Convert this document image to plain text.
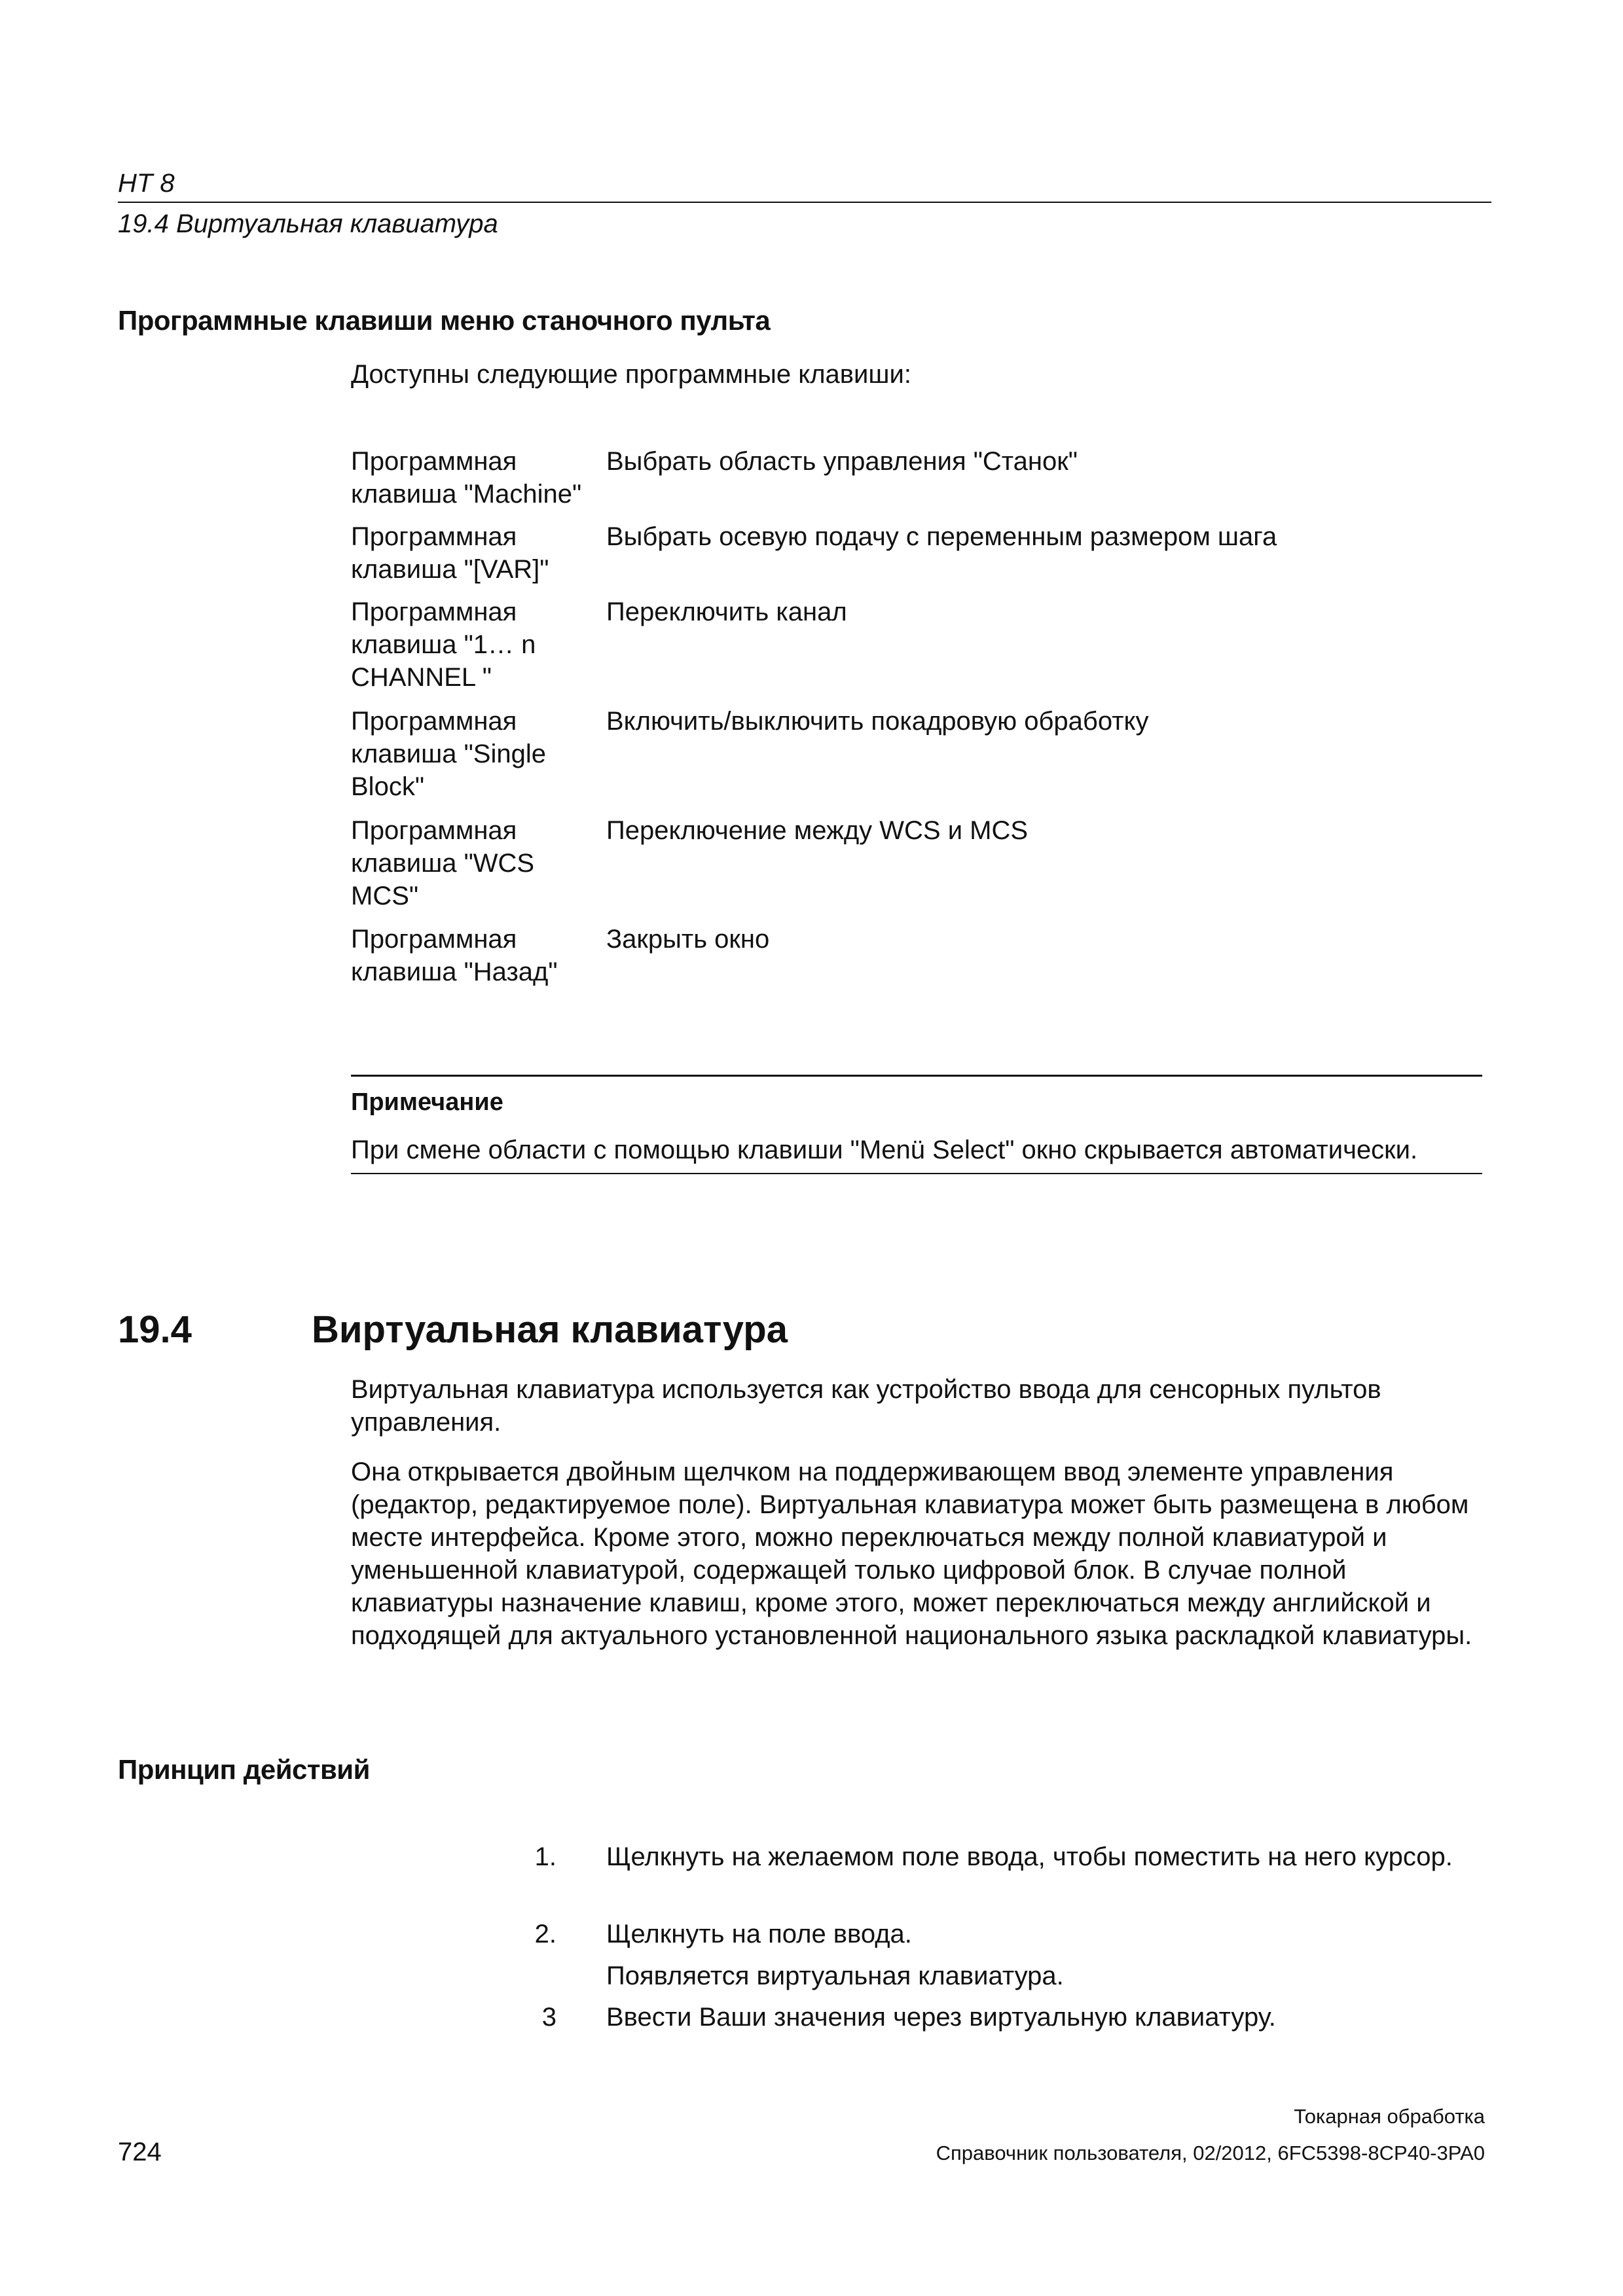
HT 8
19.4 Виртуальная клавиатура
Программные клавиши меню станочного пульта
Доступны следующие программные клавиши:
Программная клавиша "Machine"
Выбрать область управления "Станок"
Программная клавиша "[VAR]"
Выбрать осевую подачу с переменным размером шага
Программная клавиша "1… n CHANNEL "
Переключить канал
Программная клавиша "Single Block"
Включить/выключить покадровую обработку
Программная клавиша "WCS MCS"
Переключение между WCS и MCS
Программная клавиша "Назад"
Закрыть окно
Примечание
При смене области с помощью клавиши "Menü Select" окно скрывается автоматически.
19.4	Виртуальная клавиатура
Виртуальная клавиатура используется как устройство ввода для сенсорных пультов управления.
Она открывается двойным щелчком на поддерживающем ввод элементе управления (редактор, редактируемое поле). Виртуальная клавиатура может быть размещена в любом месте интерфейса. Кроме этого, можно переключаться между полной клавиатурой и уменьшенной клавиатурой, содержащей только цифровой блок. В случае полной клавиатуры назначение клавиш, кроме этого, может переключаться между английской и подходящей для актуального установленной национального языка раскладкой клавиатуры.
Принцип действий
1. Щелкнуть на желаемом поле ввода, чтобы поместить на него курсор.
2. Щелкнуть на поле ввода.
Появляется виртуальная клавиатура.
3 Ввести Ваши значения через виртуальную клавиатуру.
Токарная обработка
724	Справочник пользователя, 02/2012, 6FC5398-8CP40-3PA0
